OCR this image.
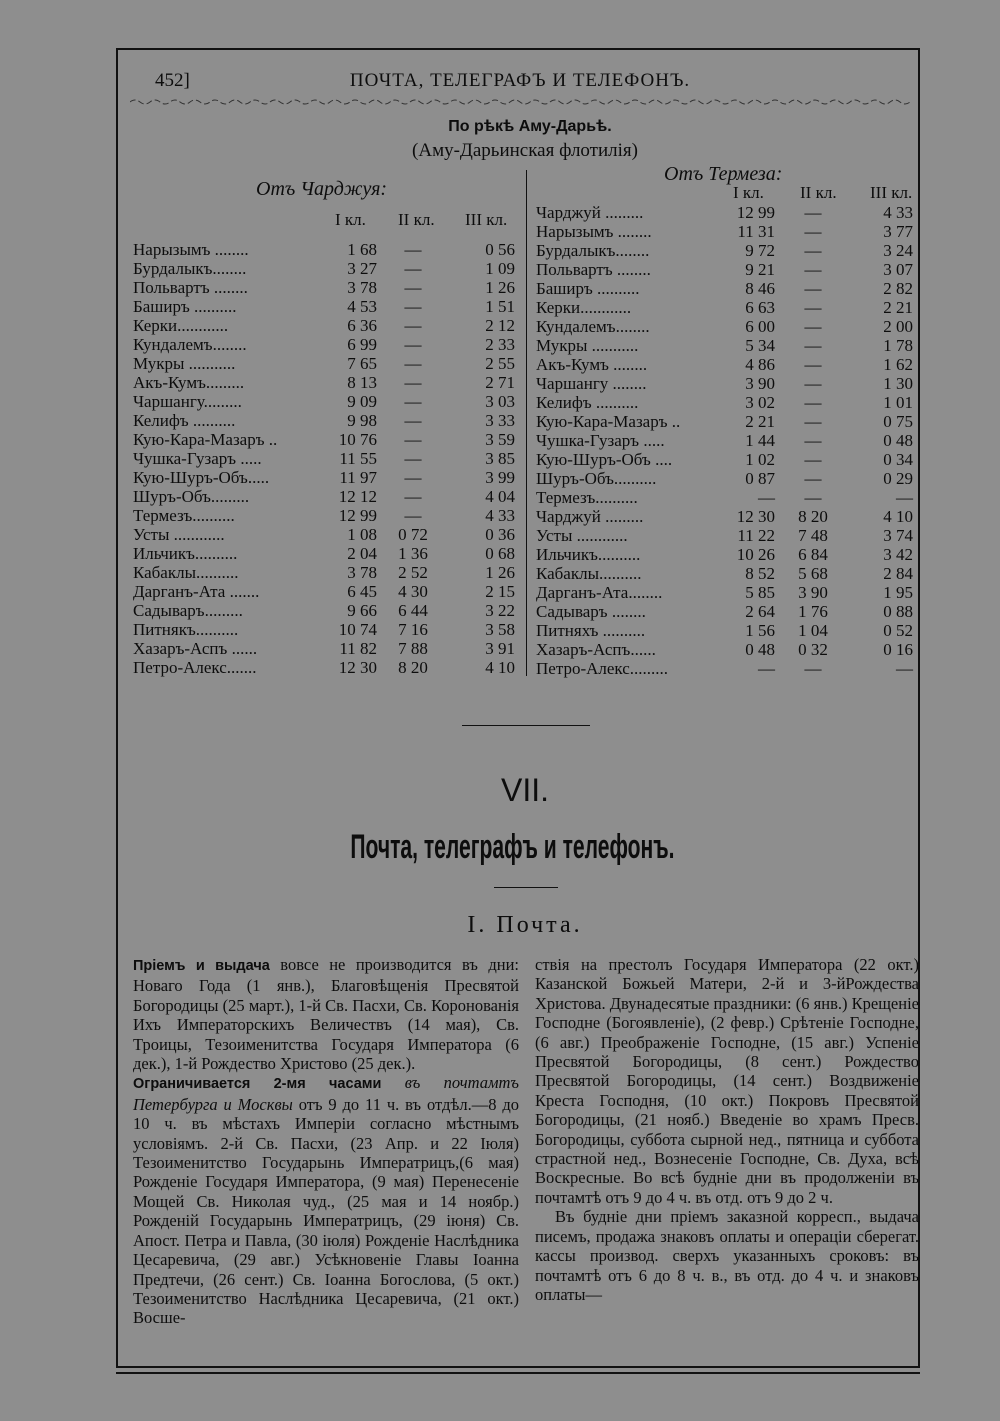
452]	ПОЧТА, ТЕЛЕГРАФЪ И ТЕЛЕФОНЪ.
По рѣкѣ Аму-Дарьѣ.
(Аму-Дарьинская флотилія)
Отъ Чарджуя:
I кл. II кл. III кл.
Нарызымъ ........	1 68	—	0 56
Бурдалыкъ........	3 27	—	1 09
Польвартъ ........	3 78	—	1 26
Баширъ ..........	4 53	—	1 51
Керки............	6 36	—	2 12
Кундалемъ........	6 99	—	2 33
Мукры ...........	7 65	—	2 55
Акъ-Кумъ.........	8 13	—	2 71
Чаршангу.........	9 09	—	3 03
Келифъ ..........	9 98	—	3 33
Кую-Кара-Мазаръ ..	10 76	—	3 59
Чушка-Гузаръ .....	11 55	—	3 85
Кую-Шуръ-Объ.....	11 97	—	3 99
Шуръ-Объ.........	12 12	—	4 04
Термезъ..........	12 99	—	4 33
Усты ............	1 08	0 72	0 36
Ильчикъ..........	2 04	1 36	0 68
Кабаклы..........	3 78	2 52	1 26
Дарганъ-Ата .......	6 45	4 30	2 15
Садываръ.........	9 66	6 44	3 22
Питнякъ..........	10 74	7 16	3 58
Хазаръ-Аспъ ......	11 82	7 88	3 91
Петро-Алекс.......	12 30	8 20	4 10
Отъ Термеза:
I кл. II кл. III кл.
Чарджуй .........	12 99	—	4 33
Нарызымъ ........	11 31	—	3 77
Бурдалыкъ........	9 72	—	3 24
Польвартъ ........	9 21	—	3 07
Баширъ ..........	8 46	—	2 82
Керки............	6 63	—	2 21
Кундалемъ........	6 00	—	2 00
Мукры ...........	5 34	—	1 78
Акъ-Кумъ ........	4 86	—	1 62
Чаршангу ........	3 90	—	1 30
Келифъ ..........	3 02	—	1 01
Кую-Кара-Мазаръ ..	2 21	—	0 75
Чушка-Гузаръ .....	1 44	—	0 48
Кую-Шуръ-Объ ....	1 02	—	0 34
Шуръ-Объ..........	0 87	—	0 29
Термезъ..........	—	—	—
Чарджуй .........	12 30	8 20	4 10
Усты ............	11 22	7 48	3 74
Ильчикъ..........	10 26	6 84	3 42
Кабаклы..........	8 52	5 68	2 84
Дарганъ-Ата........	5 85	3 90	1 95
Садываръ ........	2 64	1 76	0 88
Питняхъ ..........	1 56	1 04	0 52
Хазаръ-Аспъ......	0 48	0 32	0 16
Петро-Алекс.........	—	—	—
VII.
Почта, телеграфъ и телефонъ.
I. Почта.

Пріемъ и выдача вовсе не производится въ дни: Новаго Года (1 янв.), Благовѣщенія Пресвятой Богородицы (25 март.), 1-й Св. Пасхи, Св. Коронованія Ихъ Императорскихъ Величествъ (14 мая), Св. Троицы, Тезоименитства Государя Императора (6 дек.), 1-й Рождество Христово (25 дек.).

Ограничивается 2-мя часами въ почтамтъ Петербурга и Москвы отъ 9 до 11 ч. въ отдѣл.—8 до 10 ч. въ мѣстахъ Имперіи согласно мѣстнымъ условіямъ. 2-й Св. Пасхи, (23 Апр. и 22 Іюля) Тезоименитство Государынь Императрицъ,(6 мая) Рожденіе Государя Императора, (9 мая) Перенесеніе Мощей Св. Николая чуд., (25 мая и 14 ноябр.) Рожденій Государынь Императрицъ, (29 іюня) Св. Апост. Петра и Павла, (30 іюля) Рожденіе Наслѣдника Цесаревича, (29 авг.) Усѣкновеніе Главы Іоанна Предтечи, (26 сент.) Св. Іоанна Богослова, (5 окт.) Тезоименитство Наслѣдника Цесаревича, (21 окт.) Восше-

ствія на престолъ Государя Императора (22 окт.) Казанской Божьей Матери, 2-й и 3-йРождества Христова. Двунадесятые праздники: (6 янв.) Крещеніе Господне (Богоявленіе), (2 февр.) Срѣтеніе Господне, (6 авг.) Преображеніе Господне, (15 авг.) Успеніе Пресвятой Богородицы, (8 сент.) Рождество Пресвятой Богородицы, (14 сент.) Воздвиженіе Креста Господня, (10 окт.) Покровъ Пресвятой Богородицы, (21 нояб.) Введеніе во храмъ Пресв. Богородицы, суббота сырной нед., пятница и суббота страстной нед., Вознесеніе Господне, Св. Духа, всѣ Воскресные. Во всѣ будніе дни въ продолженіи въ почтамтѣ отъ 9 до 4 ч. въ отд. отъ 9 до 2 ч.

Въ будніе дни пріемъ заказной корресп., выдача писемъ, продажа знаковъ оплаты и операціи сберегат. кассы производ. сверхъ указанныхъ сроковъ: въ почтамтѣ отъ 6 до 8 ч. в., въ отд. до 4 ч. и знаковъ оплаты—
